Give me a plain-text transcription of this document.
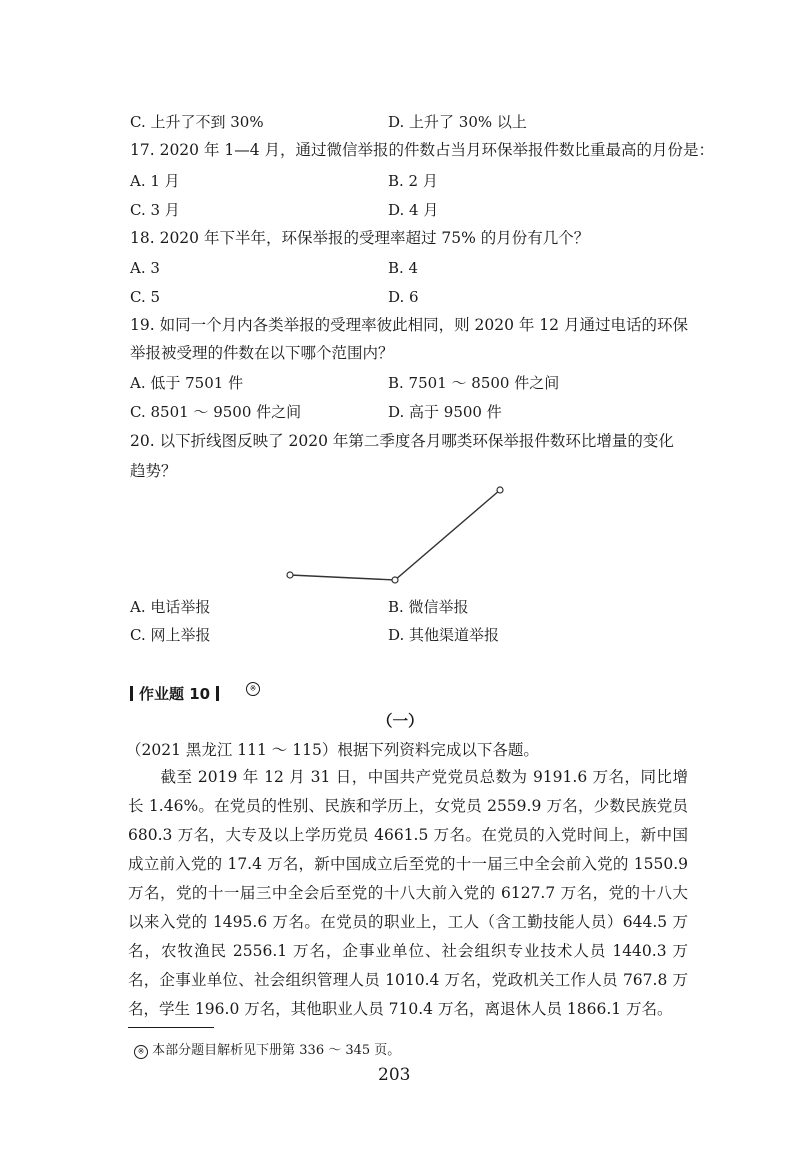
C. 上升了不到 30%	D. 上升了 30% 以上
17. 2020 年 1—4 月，通过微信举报的件数占当月环保举报件数比重最高的月份是：
A. 1 月	B. 2 月
C. 3 月	D. 4 月
18. 2020 年下半年，环保举报的受理率超过 75% 的月份有几个？
A. 3	B. 4
C. 5	D. 6
19. 如同一个月内各类举报的受理率彼此相同，则 2020 年 12 月通过电话的环保
举报被受理的件数在以下哪个范围内？
A. 低于 7501 件	B. 7501 ～ 8500 件之间
C. 8501 ～ 9500 件之间	D. 高于 9500 件
20. 以下折线图反映了 2020 年第二季度各月哪类环保举报件数环比增量的变化
趋势？
A. 电话举报	B. 微信举报
C. 网上举报	D. 其他渠道举报
作业题 10	※
（一）
（2021 黑龙江 111 ～ 115）根据下列资料完成以下各题。
截至 2019 年 12 月 31 日，中国共产党党员总数为 9191.6 万名，同比增长 1.46%。在党员的性别、民族和学历上，女党员 2559.9 万名，少数民族党员 680.3 万名，大专及以上学历党员 4661.5 万名。在党员的入党时间上，新中国成立前入党的 17.4 万名，新中国成立后至党的十一届三中全会前入党的 1550.9 万名，党的十一届三中全会后至党的十八大前入党的 6127.7 万名，党的十八大以来入党的 1495.6 万名。在党员的职业上，工人（含工勤技能人员）644.5 万名，农牧渔民 2556.1 万名，企事业单位、社会组织专业技术人员 1440.3 万名，企事业单位、社会组织管理人员 1010.4 万名，党政机关工作人员 767.8 万名，学生 196.0 万名，其他职业人员 710.4 万名，离退休人员 1866.1 万名。
※ 本部分题目解析见下册第 336 ～ 345 页。
203
